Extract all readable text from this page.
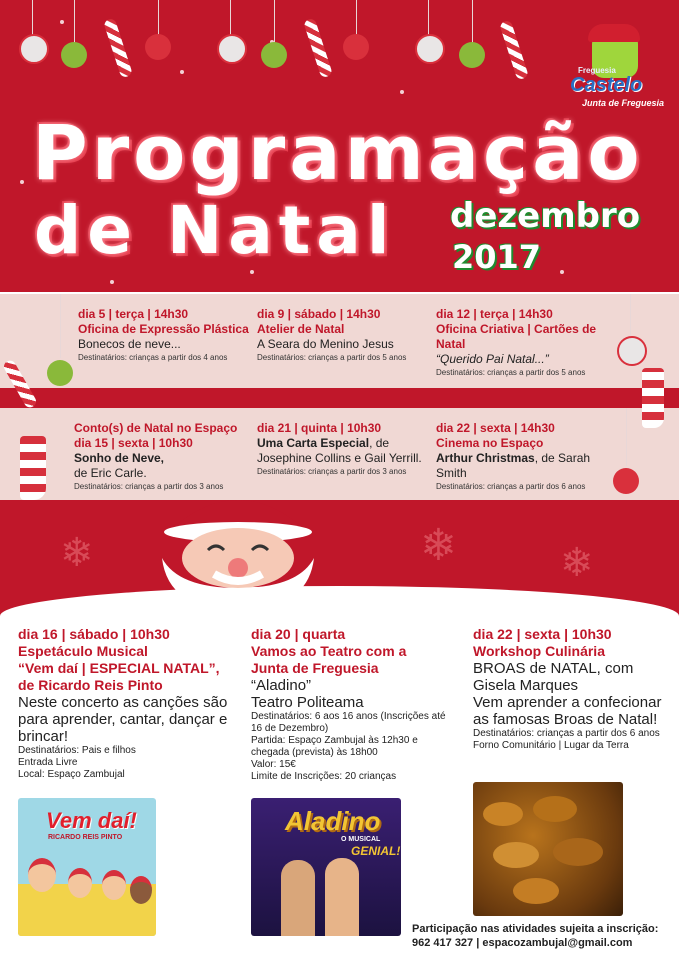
Freguesia
Castelo
Junta de Freguesia
Programação
de Natal dezembro
2017
dia 5 | terça | 14h30
Oficina de Expressão Plástica
Bonecos de neve...
Destinatários: crianças a partir dos 4 anos
dia 9 | sábado | 14h30
Atelier de Natal
A Seara do Menino Jesus
Destinatários: crianças a partir dos 5 anos
dia 12 | terça | 14h30
Oficina Criativa | Cartões de Natal
“Querido Pai Natal...”
Destinatários: crianças a partir dos 5 anos
Conto(s) de Natal no Espaço
dia 15 | sexta | 10h30
Sonho de Neve,
de Eric Carle.
Destinatários: crianças a partir dos 3 anos
dia 21 | quinta | 10h30
Uma Carta Especial, de Josephine Collins e Gail Yerrill.
Destinatários: crianças a partir dos 3 anos
dia 22 | sexta | 14h30
Cinema no Espaço
Arthur Christmas, de Sarah Smith
Destinatários: crianças a partir dos 6 anos
❄	❄	❄
dia 16 | sábado | 10h30
Espetáculo Musical
“Vem daí | ESPECIAL NATAL”,
de Ricardo Reis Pinto
Neste concerto as canções são para aprender, cantar, dançar e brincar!
Destinatários: Pais e filhos
Entrada Livre
Local: Espaço Zambujal
Vem daí!
RICARDO REIS PINTO
dia 20 | quarta
Vamos ao Teatro com a
Junta de Freguesia
“Aladino”
Teatro Politeama
Destinatários: 6 aos 16 anos (Inscrições até 16 de Dezembro)
Partida: Espaço Zambujal às 12h30 e chegada (prevista) às 18h00
Valor: 15€
Limite de Inscrições: 20 crianças
Aladino
O MUSICAL
GENIAL!
dia 22 | sexta | 10h30
Workshop Culinária
BROAS de NATAL, com Gisela Marques
Vem aprender a confecionar as famosas Broas de Natal!
Destinatários: crianças a partir dos 6 anos
Forno Comunitário | Lugar da Terra
Participação nas atividades sujeita a inscrição:
962 417 327 | espacozambujal@gmail.com
